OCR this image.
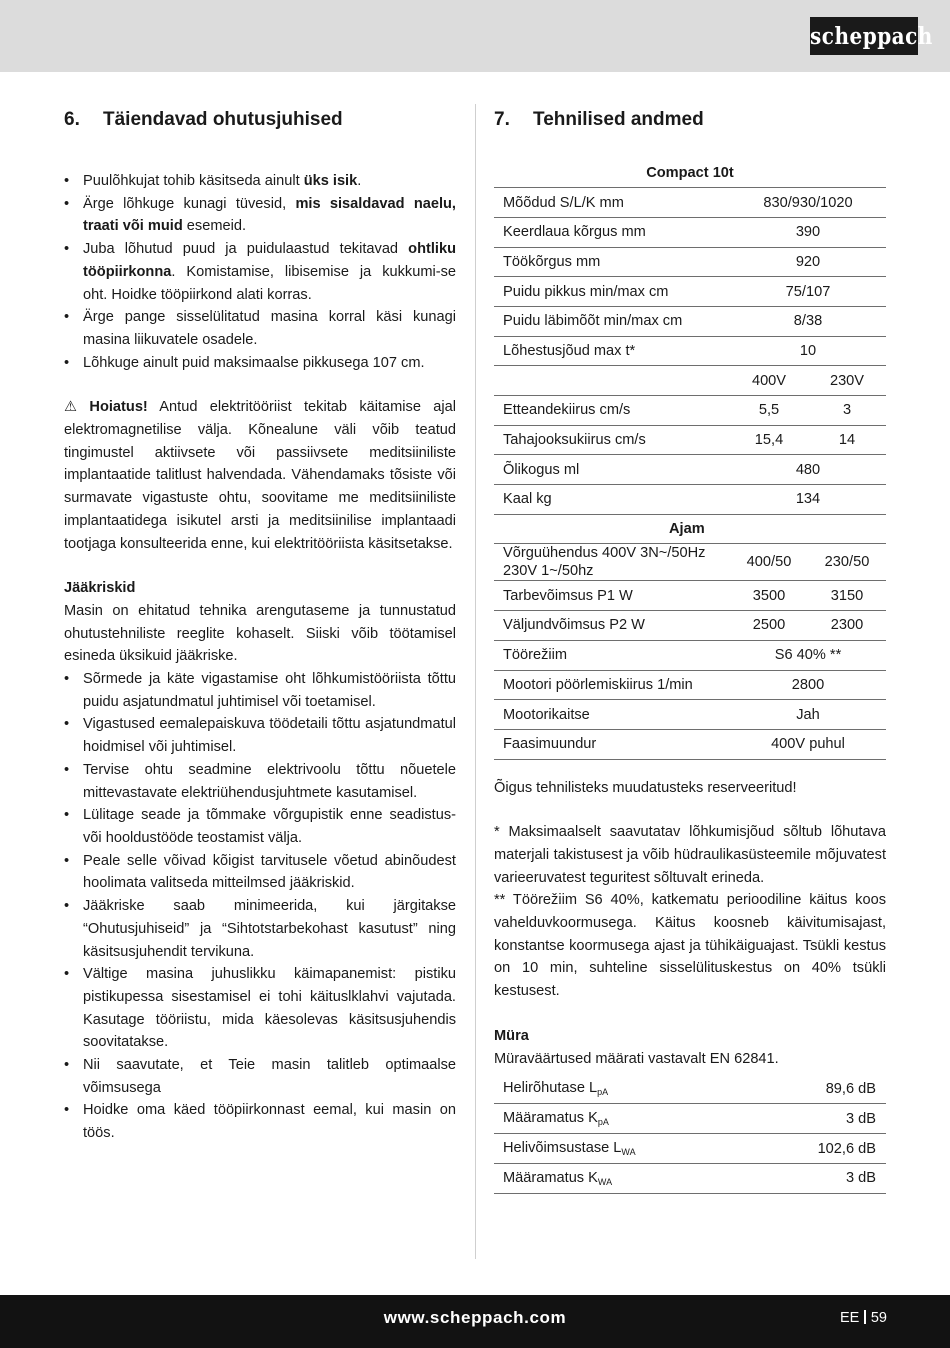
scheppach
6. Täiendavad ohutusjuhised
• Puulõhkujat tohib käsitseda ainult üks isik.
• Ärge lõhkuge kunagi tüvesid, mis sisaldavad naelu, traati või muid esemeid.
• Juba lõhutud puud ja puidulaastud tekitavad ohtliku tööpiirkonna. Komistamise, libisemise ja kukkumi-se oht. Hoidke tööpiirkond alati korras.
• Ärge pange sisselülitatud masina korral käsi kunagi masina liikuvatele osadele.
• Lõhkuge ainult puid maksimaalse pikkusega 107 cm.

⚠ Hoiatus! Antud elektritööriist tekitab käitamise ajal elektromagnetilise välja. Kõnealune väli võib teatud tingimustel aktiivsete või passiivsete meditsiiniliste implantaatide talitlust halvendada. Vähendamaks tõsiste või surmavate vigastuste ohtu, soovitame me meditsiiniliste implantaatidega isikutel arsti ja meditsiinilise implantaadi tootjaga konsulteerida enne, kui elektritööriista käsitsetakse.

Jääkriskid

Masin on ehitatud tehnika arengutaseme ja tunnustatud ohutustehniliste reeglite kohaselt. Siiski võib töötamisel esineda üksikuid jääkriske.

• Sõrmede ja käte vigastamise oht lõhkumistööriista tõttu puidu asjatundmatul juhtimisel või toetamisel.
• Vigastused eemalepaiskuva töödetaili tõttu asjatundmatul hoidmisel või juhtimisel.
• Tervise ohtu seadmine elektrivoolu tõttu nõuetele mittevastavate elektriühendusjuhtmete kasutamisel.
• Lülitage seade ja tõmmake võrgupistik enne seadistus- või hooldustööde teostamist välja.
• Peale selle võivad kõigist tarvitusele võetud abinõudest hoolimata valitseda mitteilmsed jääkriskid.
• Jääkriske saab minimeerida, kui järgitakse “Ohutusjuhiseid” ja “Sihtotstarbekohast kasutust” ning käsitsusjuhendit tervikuna.
• Vältige masina juhuslikku käimapanemist: pistiku pistikupessa sisestamisel ei tohi käituslklahvi vajutada. Kasutage tööriistu, mida käesolevas käsitsusjuhendis soovitatakse.
• Nii saavutate, et Teie masin talitleb optimaalse võimsusega
• Hoidke oma käed tööpiirkonnast eemal, kui masin on töös.
7. Tehnilised andmed
Compact 10t		
Mõõdud S/L/K mm	830/930/1020	
Keerdlaua kõrgus mm	390	
Töökõrgus mm	920	
Puidu pikkus min/max cm	75/107	
Puidu läbimõõt min/max cm	8/38	
Lõhestusjõud max t*	10	
	400V	230V
Etteandekiirus cm/s	5,5	3
Tahajooksukiirus cm/s	15,4	14
Õlikogus ml	480	
Kaal kg	134	
Ajam		
Võrguühendus 400V 3N~/50Hz
230V 1~/50hz	400/50	230/50
Tarbevõimsus P1 W	3500	3150
Väljundvõimsus P2 W	2500	2300
Töörežiim	S6 40% **	
Mootori pöörlemiskiirus 1/min	2800	
Mootorikaitse	Jah	
Faasimuundur	400V puhul	

Õigus tehnilisteks muudatusteks reserveeritud!

* Maksimaalselt saavutatav lõhkumisjõud sõltub lõhutava materjali takistusest ja võib hüdraulikasüsteemile mõjuvatest varieeruvatest teguritest sõltuvalt erineda.

** Töörežiim S6 40%, katkematu perioodiline käitus koos vahelduvkoormusega. Käitus koosneb käivitumisajast, konstantse koormusega ajast ja tühikäiguajast. Tsükli kestus on 10 min, suhteline sisselülituskestus on 40% tsükli kestusest.

Müra

Müraväärtused määrati vastavalt EN 62841.

Helirõhutase $L_{pA}$	89,6 dB
Määramatus $K_{pA}$	3 dB
Helivõimsustase $L_{WA}$	102,6 dB
Määramatus $K_{WA}$	3 dB
www.scheppach.com	EE 59
